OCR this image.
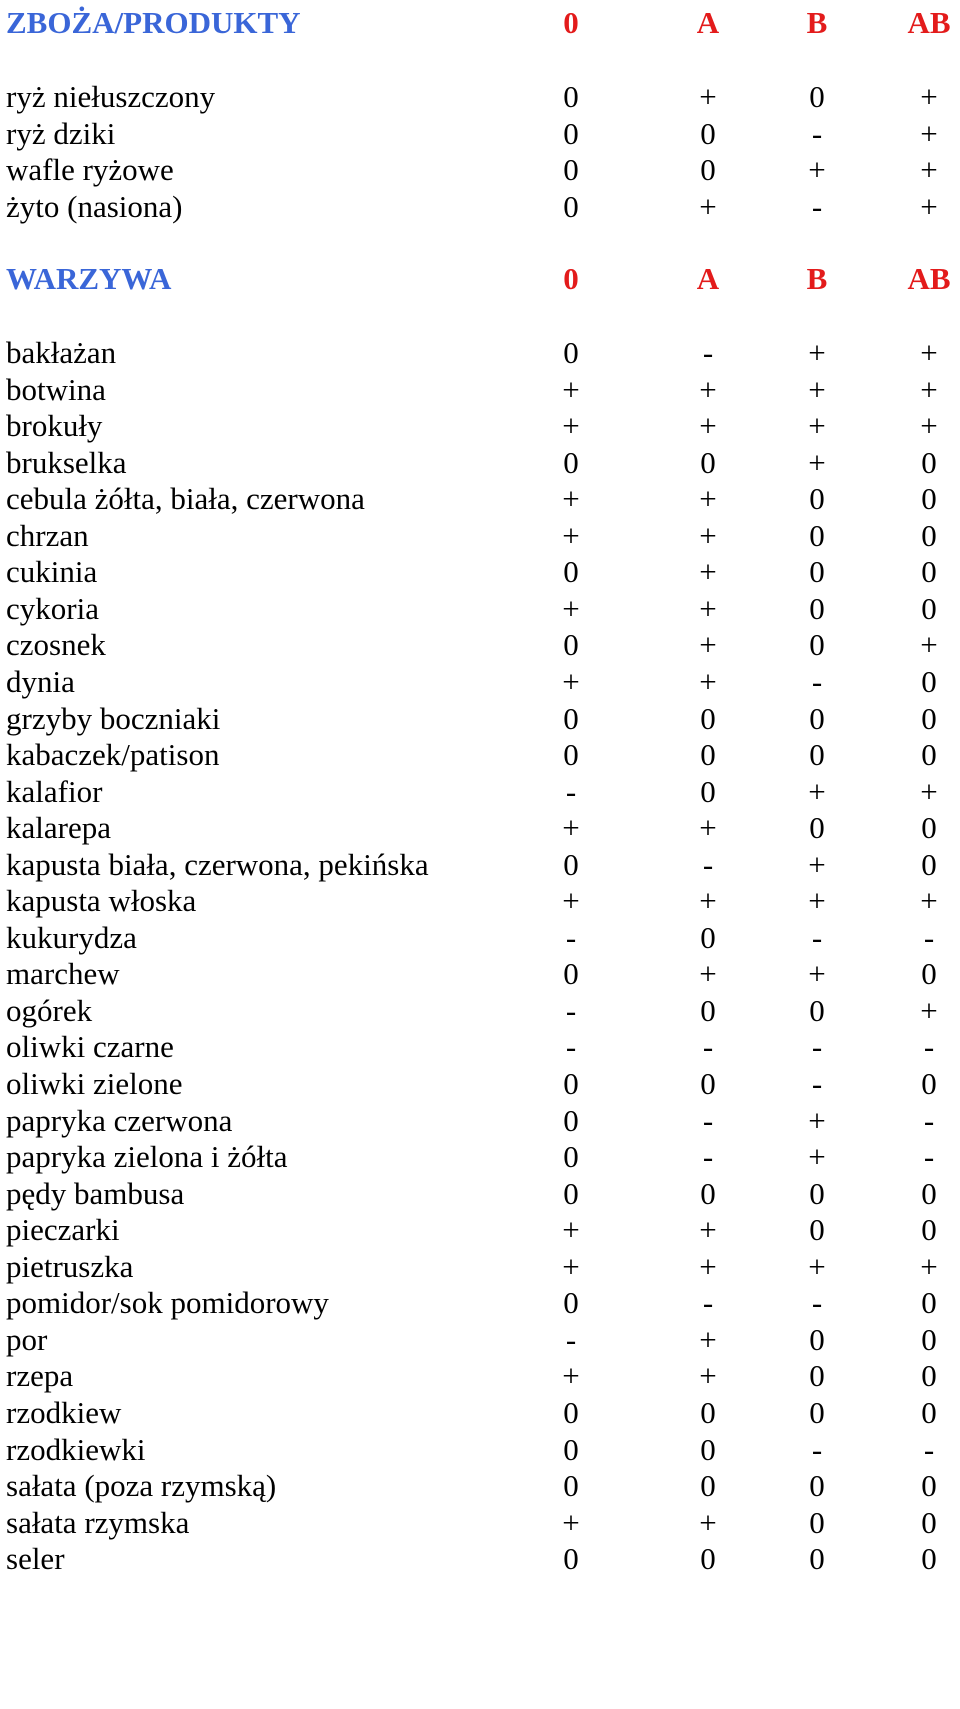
ZBOŻA/PRODUKTY	0	A	B	AB
ryż niełuszczony	0	+	0	+
ryż dziki	0	0	-	+
wafle ryżowe	0	0	+	+
żyto (nasiona)	0	+	-	+
WARZYWA	0	A	B	AB
bakłażan	0	-	+	+
botwina	+	+	+	+
brokuły	+	+	+	+
brukselka	0	0	+	0
cebula żółta, biała, czerwona	+	+	0	0
chrzan	+	+	0	0
cukinia	0	+	0	0
cykoria	+	+	0	0
czosnek	0	+	0	+
dynia	+	+	-	0
grzyby boczniaki	0	0	0	0
kabaczek/patison	0	0	0	0
kalafior	-	0	+	+
kalarepa	+	+	0	0
kapusta biała, czerwona, pekińska	0	-	+	0
kapusta włoska	+	+	+	+
kukurydza	-	0	-	-
marchew	0	+	+	0
ogórek	-	0	0	+
oliwki czarne	-	-	-	-
oliwki zielone	0	0	-	0
papryka czerwona	0	-	+	-
papryka zielona i żółta	0	-	+	-
pędy bambusa	0	0	0	0
pieczarki	+	+	0	0
pietruszka	+	+	+	+
pomidor/sok pomidorowy	0	-	-	0
por	-	+	0	0
rzepa	+	+	0	0
rzodkiew	0	0	0	0
rzodkiewki	0	0	-	-
sałata (poza rzymską)	0	0	0	0
sałata rzymska	+	+	0	0
seler	0	0	0	0
